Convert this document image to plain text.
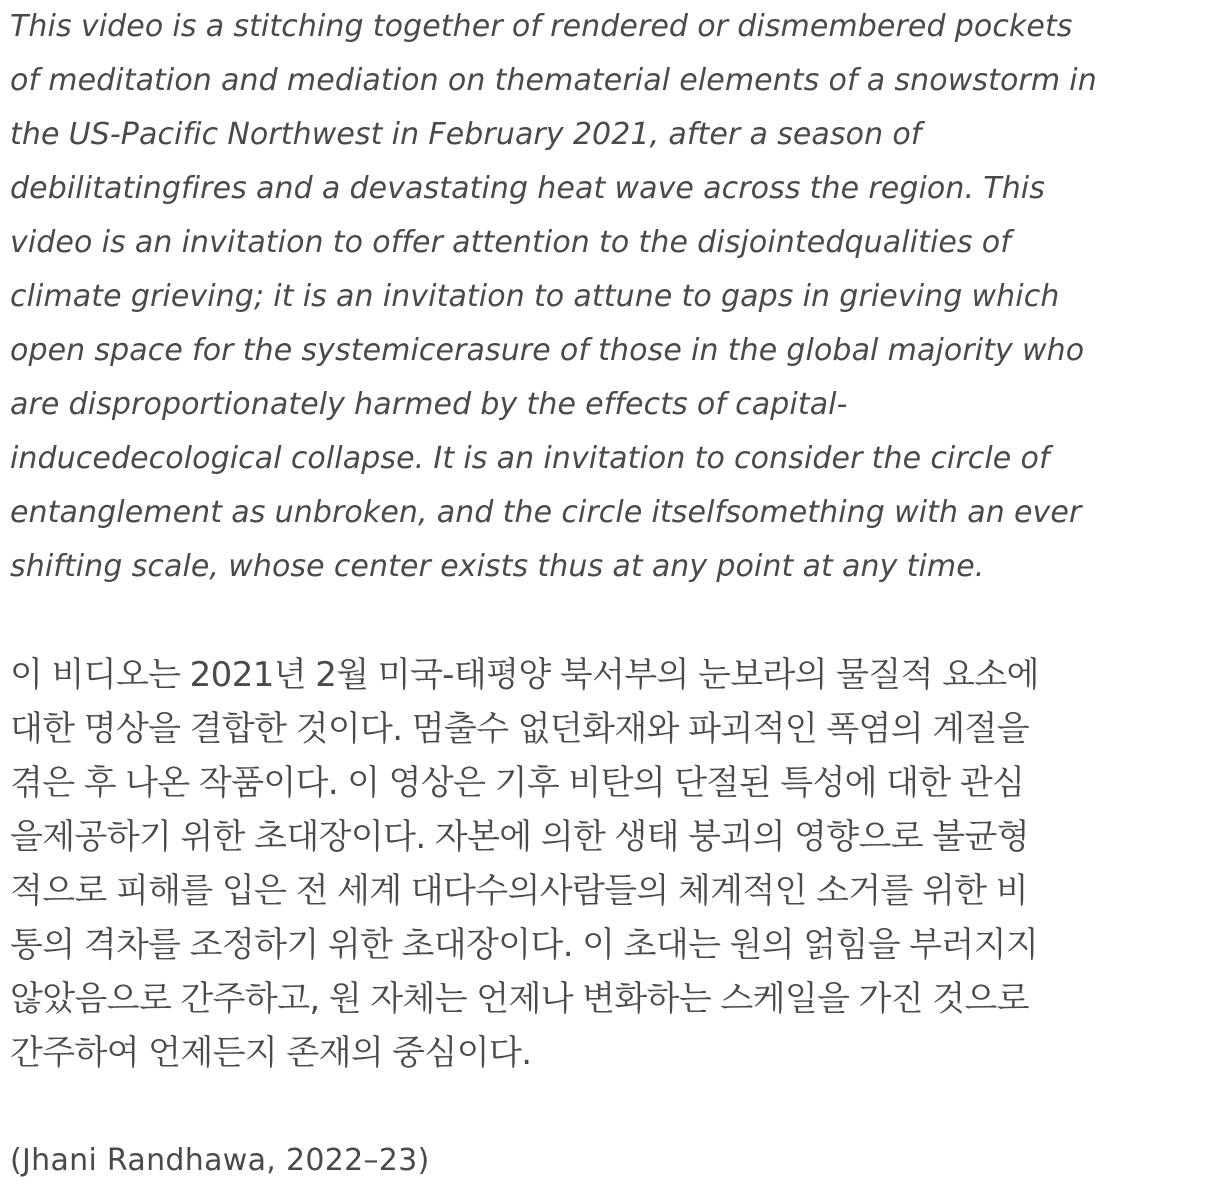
This video is a stitching together of rendered or dismembered pockets
of meditation and mediation on thematerial elements of a snowstorm in
the US-Pacific Northwest in February 2021, after a season of
debilitatingfires and a devastating heat wave across the region. This
video is an invitation to offer attention to the disjointedqualities of
climate grieving; it is an invitation to attune to gaps in grieving which
open space for the systemicerasure of those in the global majority who
are disproportionately harmed by the effects of capital-
inducedecological collapse. It is an invitation to consider the circle of
entanglement as unbroken, and the circle itselfsomething with an ever
shifting scale, whose center exists thus at any point at any time.

이 비디오는 2021년 2월 미국-태평양 북서부의 눈보라의 물질적 요소에
대한 명상을 결합한 것이다. 멈출수 없던화재와 파괴적인 폭염의 계절을
겪은 후 나온 작품이다. 이 영상은 기후 비탄의 단절된 특성에 대한 관심
을제공하기 위한 초대장이다. 자본에 의한 생태 붕괴의 영향으로 불균형
적으로 피해를 입은 전 세계 대다수의사람들의 체계적인 소거를 위한 비
통의 격차를 조정하기 위한 초대장이다. 이 초대는 원의 얽힘을 부러지지
않았음으로 간주하고, 원 자체는 언제나 변화하는 스케일을 가진 것으로
간주하여 언제든지 존재의 중심이다.

(Jhani Randhawa, 2022–23)
